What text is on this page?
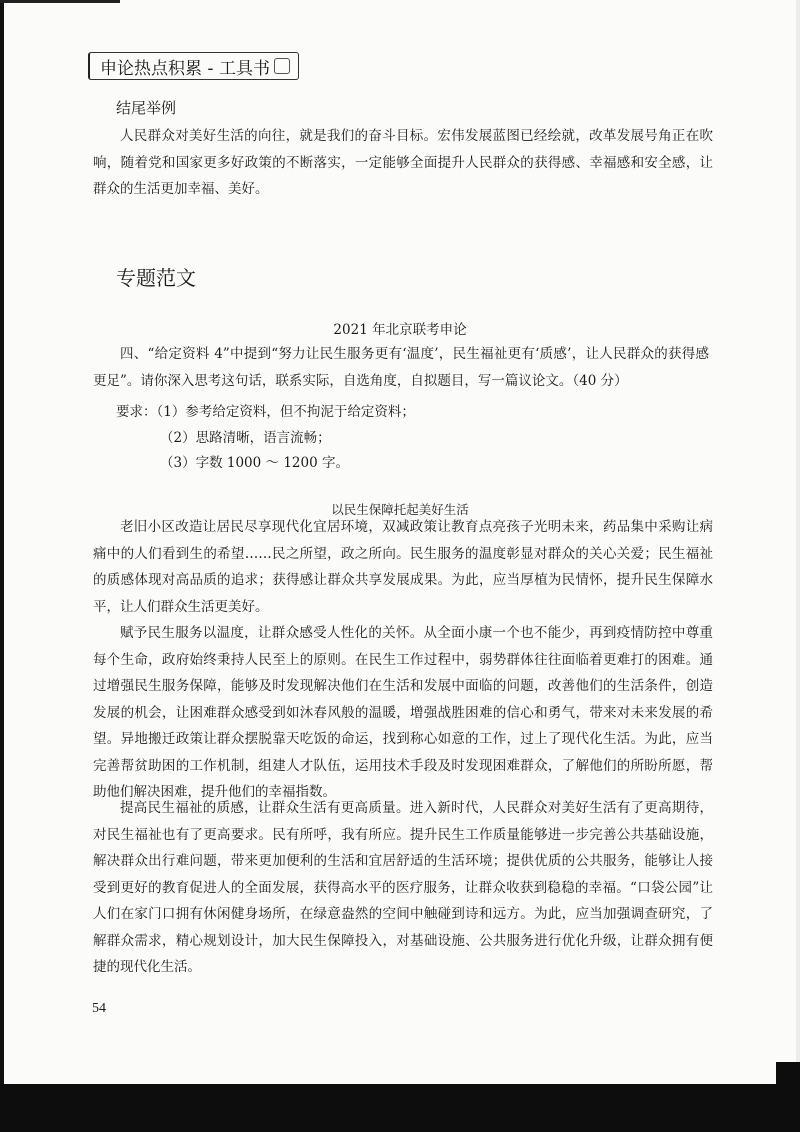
申论热点积累 - 工具书
结尾举例

人民群众对美好生活的向往，就是我们的奋斗目标。宏伟发展蓝图已经绘就，改革发展号角正在吹响，随着党和国家更多好政策的不断落实，一定能够全面提升人民群众的获得感、幸福感和安全感，让群众的生活更加幸福、美好。

专题范文
2021 年北京联考申论

四、“给定资料 4”中提到“努力让民生服务更有‘温度’，民生福祉更有‘质感’，让人民群众的获得感更足”。请你深入思考这句话，联系实际，自选角度，自拟题目，写一篇议论文。（40 分）

要求：（1）参考给定资料，但不拘泥于给定资料；
（2）思路清晰，语言流畅；
（3）字数 1000 ～ 1200 字。
以民生保障托起美好生活

老旧小区改造让居民尽享现代化宜居环境，双减政策让教育点亮孩子光明未来，药品集中采购让病痛中的人们看到生的希望……民之所望，政之所向。民生服务的温度彰显对群众的关心关爱；民生福祉的质感体现对高品质的追求；获得感让群众共享发展成果。为此，应当厚植为民情怀，提升民生保障水平，让人们群众生活更美好。

赋予民生服务以温度，让群众感受人性化的关怀。从全面小康一个也不能少，再到疫情防控中尊重每个生命，政府始终秉持人民至上的原则。在民生工作过程中，弱势群体往往面临着更难打的困难。通过增强民生服务保障，能够及时发现解决他们在生活和发展中面临的问题，改善他们的生活条件，创造发展的机会，让困难群众感受到如沐春风般的温暖，增强战胜困难的信心和勇气，带来对未来发展的希望。异地搬迁政策让群众摆脱靠天吃饭的命运，找到称心如意的工作，过上了现代化生活。为此，应当完善帮贫助困的工作机制，组建人才队伍，运用技术手段及时发现困难群众，了解他们的所盼所愿，帮助他们解决困难，提升他们的幸福指数。

提高民生福祉的质感，让群众生活有更高质量。进入新时代，人民群众对美好生活有了更高期待，对民生福祉也有了更高要求。民有所呼，我有所应。提升民生工作质量能够进一步完善公共基础设施，解决群众出行难问题，带来更加便利的生活和宜居舒适的生活环境；提供优质的公共服务，能够让人接受到更好的教育促进人的全面发展，获得高水平的医疗服务，让群众收获到稳稳的幸福。“口袋公园”让人们在家门口拥有休闲健身场所，在绿意盎然的空间中触碰到诗和远方。为此，应当加强调查研究，了解群众需求，精心规划设计，加大民生保障投入，对基础设施、公共服务进行优化升级，让群众拥有便捷的现代化生活。

54
